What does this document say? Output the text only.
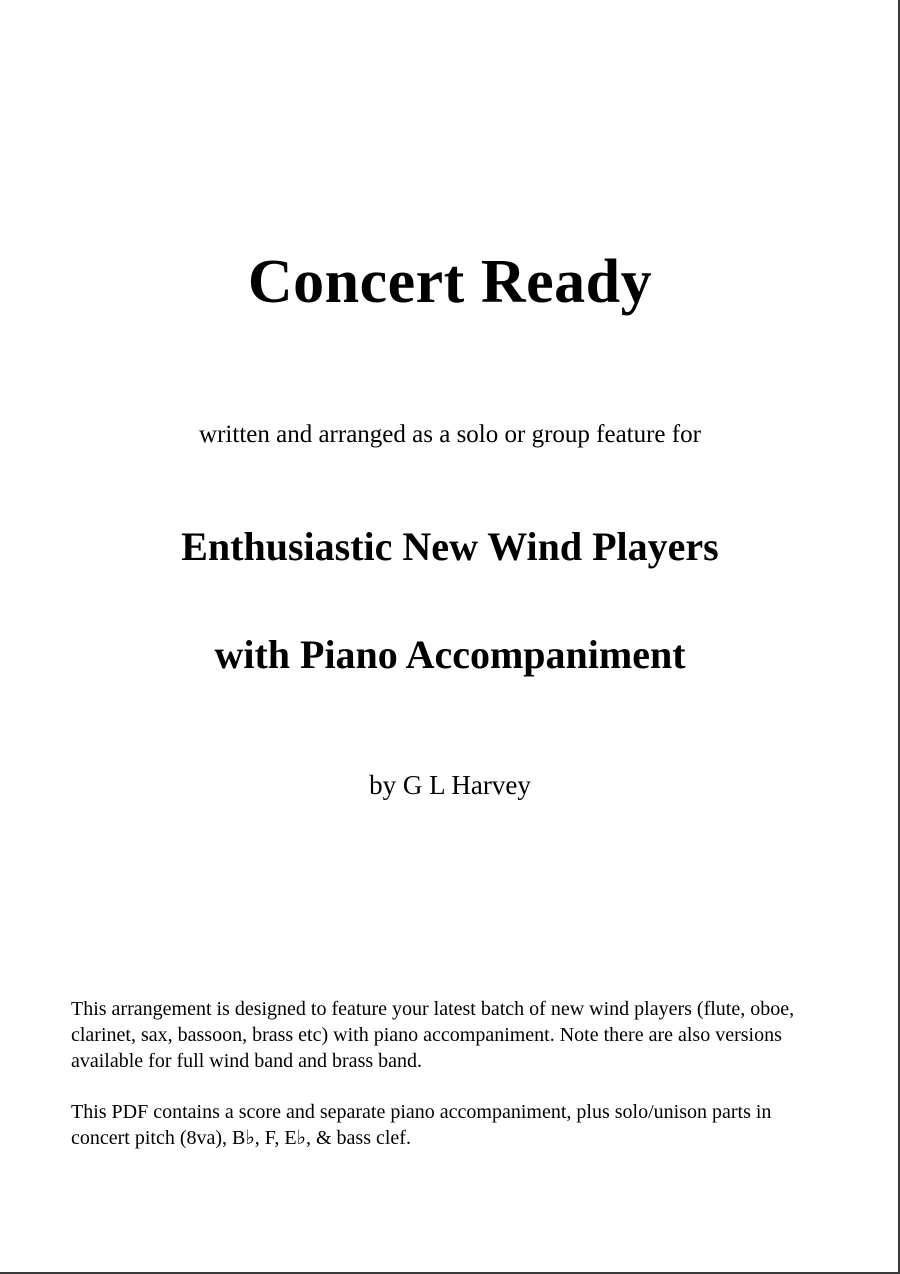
Concert Ready
written and arranged as a solo or group feature for
Enthusiastic New Wind Players
with Piano Accompaniment
by G L Harvey
This arrangement is designed to feature your latest batch of new wind players (flute, oboe, clarinet, sax, bassoon, brass etc) with piano accompaniment. Note there are also versions available for full wind band and brass band.
This PDF contains a score and separate piano accompaniment, plus solo/unison parts in concert pitch (8va), B♭, F, E♭, & bass clef.
